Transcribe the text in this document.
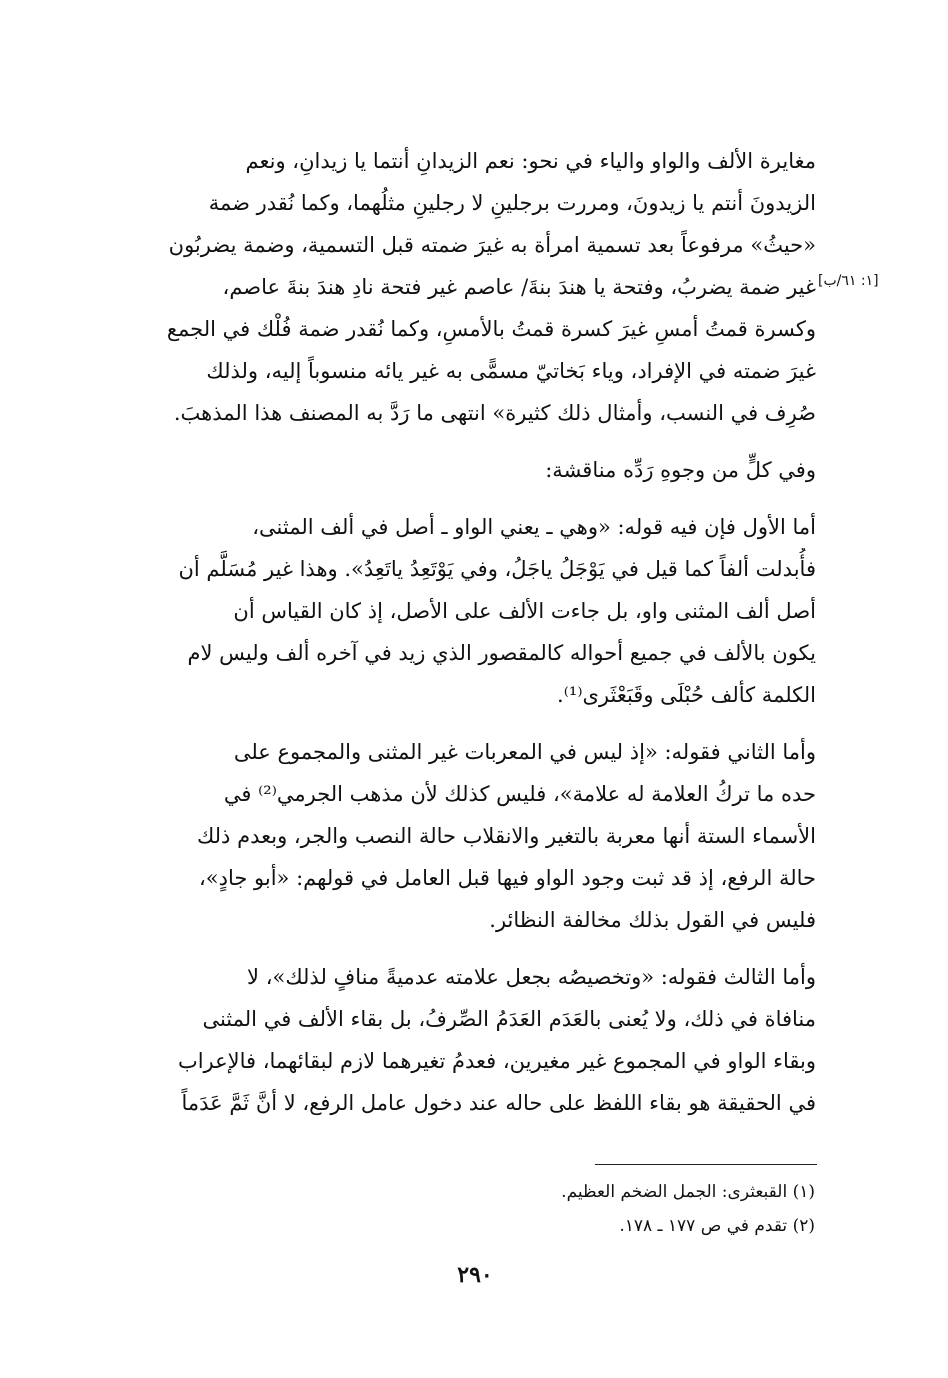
[١: ٦١/ب]
مغايرة الألف والواو والياء في نحو: نعم الزيدانِ أنتما يا زيدانِ، ونعم
الزيدونَ أنتم يا زيدونَ، ومررت برجلينِ لا رجلينِ مثلُهما، وكما نُقدر ضمة
«حيثُ» مرفوعاً بعد تسمية امرأة به غيرَ ضمته قبل التسمية، وضمة يضربُون
غير ضمة يضربُ، وفتحة يا هندَ بنةَ/ عاصم غير فتحة نادِ هندَ بنةَ عاصم،
وكسرة قمتُ أمسِ غيرَ كسرة قمتُ بالأمسِ، وكما نُقدر ضمة فُلْك في الجمع
غيرَ ضمته في الإفراد، وياء بَخاتيّ مسمًّى به غير يائه منسوباً إليه، ولذلك
صُرِف في النسب، وأمثال ذلك كثيرة» انتهى ما رَدَّ به المصنف هذا المذهبَ.
وفي كلٍّ من وجوهِ رَدِّه مناقشة:
أما الأول فإن فيه قوله: «وهي ـ يعني الواو ـ أصل في ألف المثنى،
فأُبدلت ألفاً كما قيل في يَوْجَلُ ياجَلُ، وفي يَوْتَعِدُ ياتَعِدُ». وهذا غير مُسَلَّم أن
أصل ألف المثنى واو، بل جاءت الألف على الأصل، إذ كان القياس أن
يكون بالألف في جميع أحواله كالمقصور الذي زيد في آخره ألف وليس لام
الكلمة كألف حُبْلَى وقَبَعْثَرى⁽¹⁾.
وأما الثاني فقوله: «إذ ليس في المعربات غير المثنى والمجموع على
حده ما تركُ العلامة له علامة»، فليس كذلك لأن مذهب الجرمي⁽²⁾ في
الأسماء الستة أنها معربة بالتغير والانقلاب حالة النصب والجر، وبعدم ذلك
حالة الرفع، إذ قد ثبت وجود الواو فيها قبل العامل في قولهم: «أبو جادٍ»،
فليس في القول بذلك مخالفة النظائر.
وأما الثالث فقوله: «وتخصيصُه بجعل علامته عدميةً منافٍ لذلك»، لا
منافاة في ذلك، ولا يُعنى بالعَدَم العَدَمُ الصِّرفُ، بل بقاء الألف في المثنى
وبقاء الواو في المجموع غير مغيرين، فعدمُ تغيرهما لازم لبقائهما، فالإعراب
في الحقيقة هو بقاء اللفظ على حاله عند دخول عامل الرفع، لا أنَّ ثَمَّ عَدَماً
(١) القبعثرى: الجمل الضخم العظيم.
(٢) تقدم في ص ١٧٧ ـ ١٧٨.
٢٩٠
